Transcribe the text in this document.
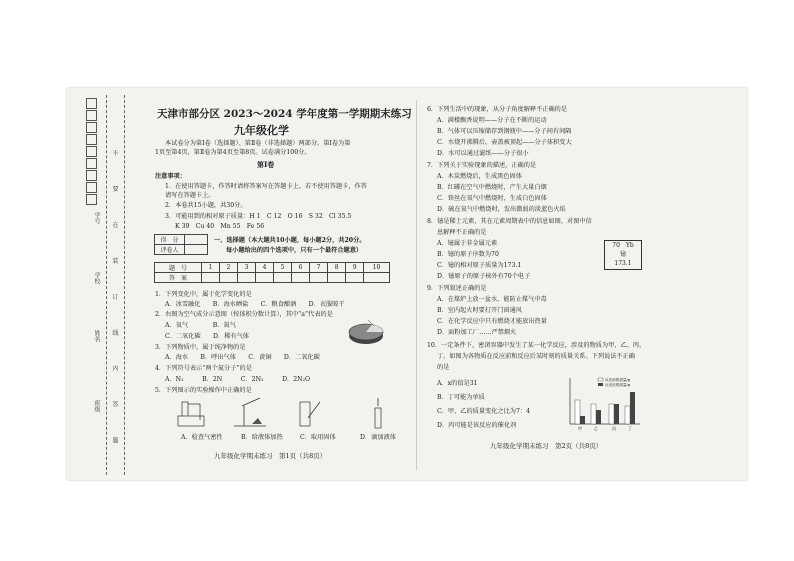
不 要 在 装 订 线 内 答 题
学号
学校
姓名
班级
天津市部分区 2023～2024 学年度第一学期期末练习
九年级化学
本试卷分为第Ⅰ卷（选择题）、第Ⅱ卷（非选择题）两部分。第Ⅰ卷为第
1页至第4页，第Ⅱ卷为第4页至第8页。试卷满分100分。
第Ⅰ卷
注意事项：
1．在使用答题卡，作答时请将答案写在答题卡上，若不使用答题卡，作答
请写在答题卡上。
2．本卷共15小题，共30分。
3．可能用到的相对原子质量：H 1　C 12　O 16　S 32　Cl 35.5
K 39　Cu 40　Mn 55　Fe 56
得　分	
评卷人	
一、选择题（本大题共10小题，每小题2分，共20分。
每小题给出的四个选项中，只有一个最符合题意）
题　号	1	2	3	4	5	6	7	8	9	10
答　案										
1．下列变化中，属于化学变化的是
A．冰雪融化　　B．海水晒盐　　C．粮食酿酒　　D．衣服晾干
2．右图为空气成分示意图（按体积分数计算），其中“a”代表的是
A．氧气　　　　B．氮气
C．二氧化碳　　D．稀有气体
3．下列物质中，属于纯净物的是
A．海水　　B．呼出气体　　C．黄铜　　D．二氧化碳
4．下列符号表示“两个氮分子”的是
A．N₂　　　B．2N　　　C．2N₂　　　D．2N₂O
5．下列图示的实验操作中正确的是
A．检查气密性	B．给液体加热	C．取用固体	D．滴加液体
九年级化学期末练习　第1页（共8页）
6．下列生活中的现象，从分子角度解释不正确的是
A．满楼飘香说明——分子在不断的运动
B．气体可以压缩储存到钢瓶中——分子间有间隔
C．水烧开沸腾后，壶盖被顶起——分子体积变大
D．水可以通过滤纸——分子很小
7．下列关于实验现象的描述，正确的是
A．木炭燃烧后，生成黑色固体
B．红磷在空气中燃烧时，产生大量白烟
C．铁丝在氧气中燃烧时，生成白色固体
D．硫在氧气中燃烧时，发出微弱的淡蓝色火焰
8．镱是稀土元素，其在元素周期表中的信息如图，对图中信
息解释不正确的是
A．镱属于非金属元素
B．镱的原子序数为70
C．镱的相对原子质量为173.1
D．镱原子的原子核外有70个电子
70　 Yb
镱
173.1
9．下列叙述正确的是
A．在煤炉上放一盆水，能防止煤气中毒
B．室内起火时要打开门窗通风
C．在化学反应中只有燃烧才能放出热量
D．面粉加工厂……严禁烟火
10．一定条件下，密闭容器中发生了某一化学反应，涉及的物质为甲、乙、丙、
丁，如图为各物质在反应前和反应后某时刻的质量关系。下列说法不正确
的是
A．x的值是31
B．丁可能为单质
C．甲、乙的质量变化之比为7：4
D．丙可能是该反应的催化剂
反应前的质量/g
反应后的质量/g
甲	乙	丙	丁
九年级化学期末练习　第2页（共8页）
